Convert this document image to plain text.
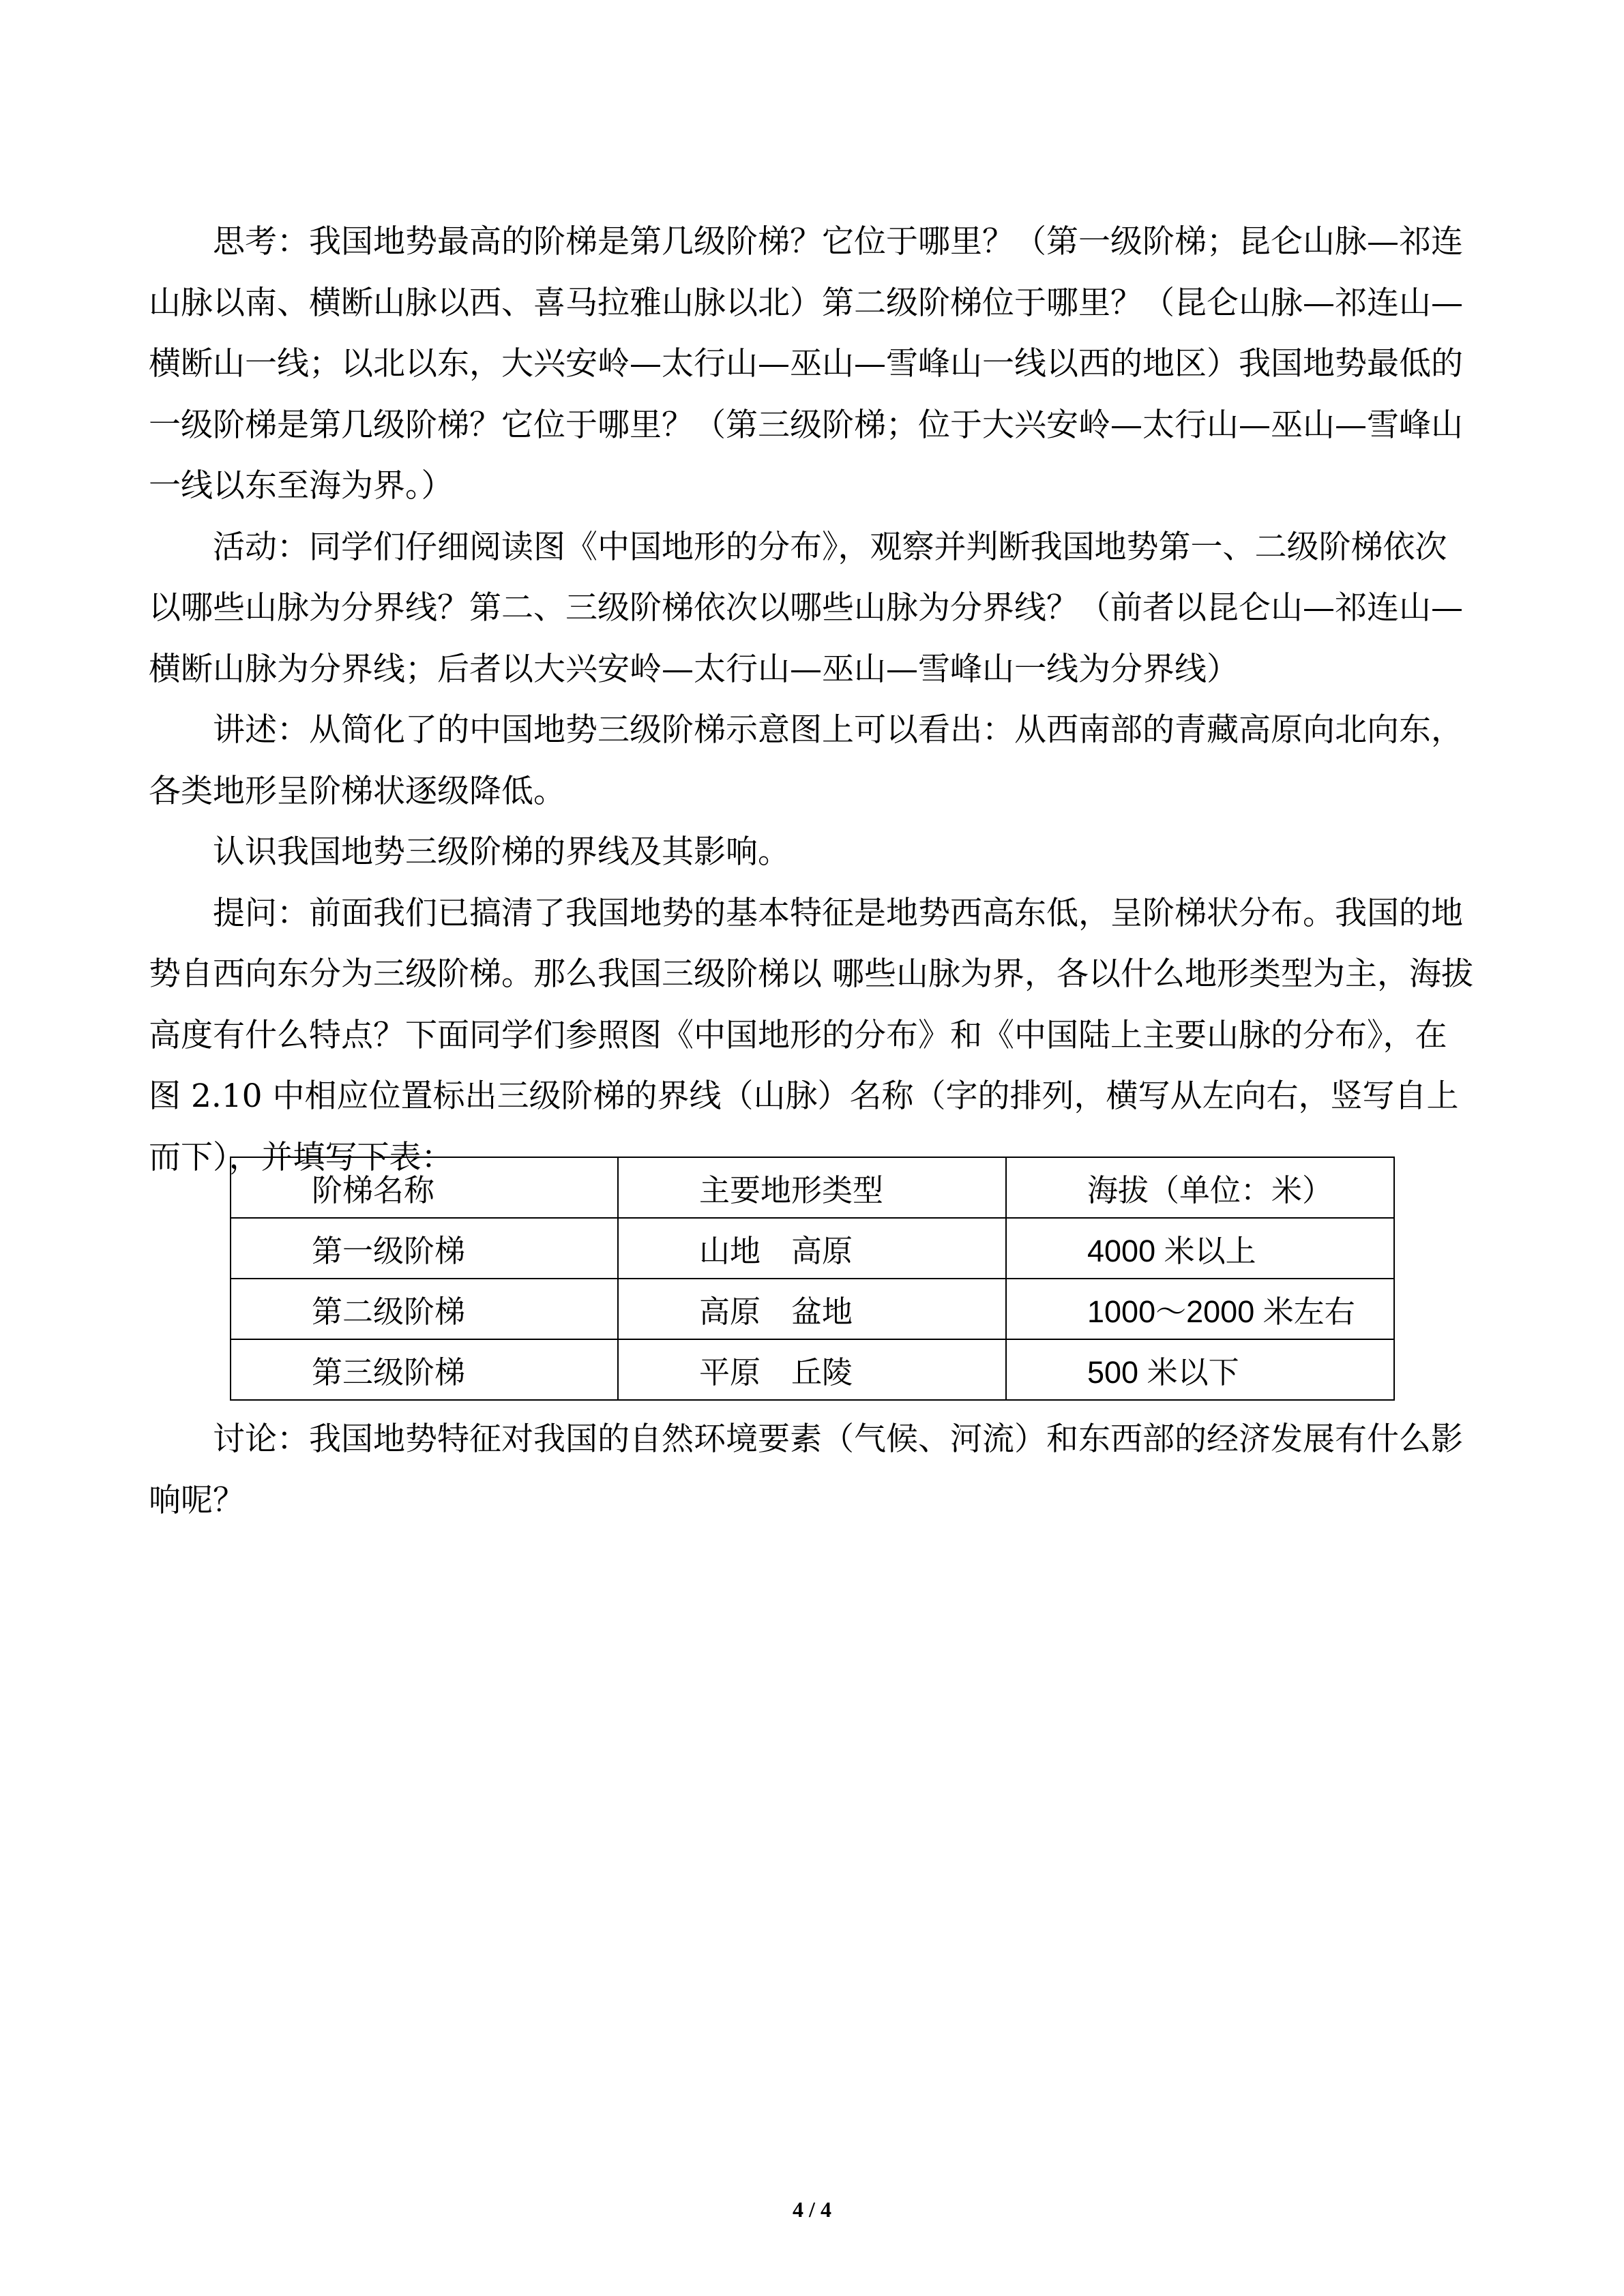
思考：我国地势最高的阶梯是第几级阶梯？它位于哪里？（第一级阶梯；昆仑山脉—祁连山脉以南、横断山脉以西、喜马拉雅山脉以北）第二级阶梯位于哪里？（昆仑山脉—祁连山—横断山一线；以北以东，大兴安岭—太行山—巫山—雪峰山一线以西的地区）我国地势最低的一级阶梯是第几级阶梯？它位于哪里？（第三级阶梯；位于大兴安岭—太行山—巫山—雪峰山一线以东至海为界。）

活动：同学们仔细阅读图《中国地形的分布》，观察并判断我国地势第一、二级阶梯依次以哪些山脉为分界线？第二、三级阶梯依次以哪些山脉为分界线？（前者以昆仑山—祁连山—横断山脉为分界线；后者以大兴安岭—太行山—巫山—雪峰山一线为分界线）

讲述：从简化了的中国地势三级阶梯示意图上可以看出：从西南部的青藏高原向北向东，各类地形呈阶梯状逐级降低。

认识我国地势三级阶梯的界线及其影响。

提问：前面我们已搞清了我国地势的基本特征是地势西高东低，呈阶梯状分布。我国的地势自西向东分为三级阶梯。那么我国三级阶梯以 哪些山脉为界，各以什么地形类型为主，海拔高度有什么特点？下面同学们参照图《中国地形的分布》和《中国陆上主要山脉的分布》，在图 2.10 中相应位置标出三级阶梯的界线（山脉）名称（字的排列，横写从左向右，竖写自上而下），并填写下表：

阶梯名称	主要地形类型	海拔（单位：米）
第一级阶梯	山地　高原	4000 米以上
第二级阶梯	高原　盆地	1000～2000 米左右
第三级阶梯	平原　丘陵	500 米以下

讨论：我国地势特征对我国的自然环境要素（气候、河流）和东西部的经济发展有什么影响呢？

4 / 4
